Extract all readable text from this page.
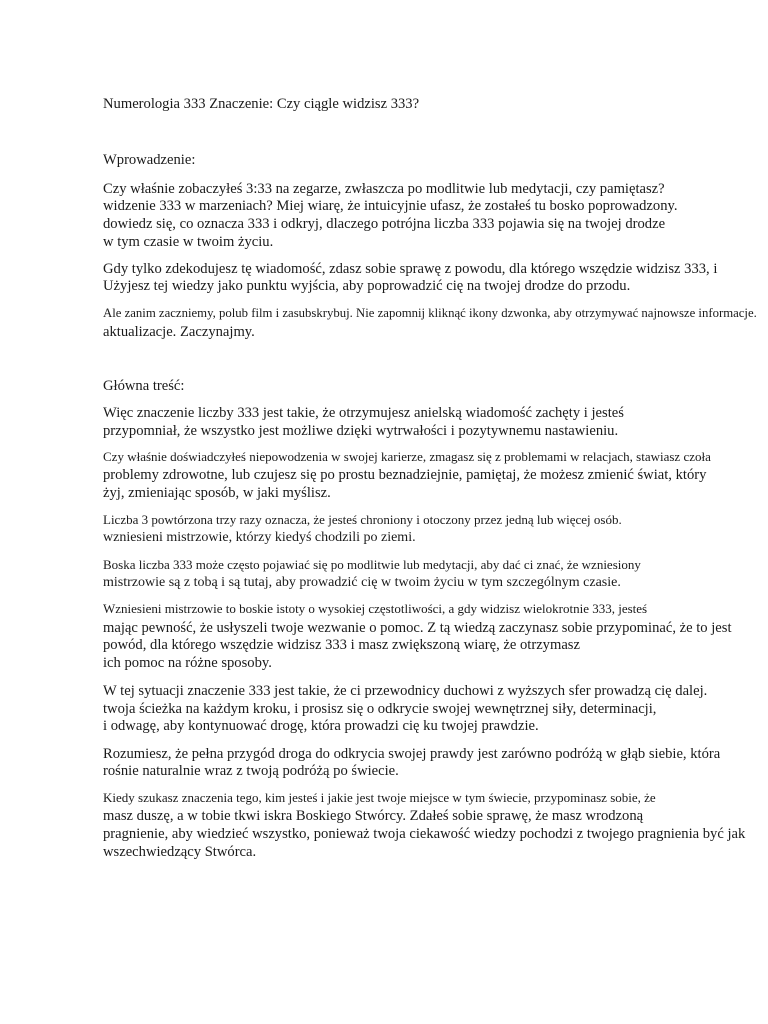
Numerologia 333 Znaczenie: Czy ciągle widzisz 333?
Wprowadzenie:
Czy właśnie zobaczyłeś 3:33 na zegarze, zwłaszcza po modlitwie lub medytacji, czy pamiętasz?
widzenie 333 w marzeniach? Miej wiarę, że intuicyjnie ufasz, że zostałeś tu bosko poprowadzony.
dowiedz się, co oznacza 333 i odkryj, dlaczego potrójna liczba 333 pojawia się na twojej drodze
w tym czasie w twoim życiu.
Gdy tylko zdekodujesz tę wiadomość, zdasz sobie sprawę z powodu, dla którego wszędzie widzisz 333, i
Użyjesz tej wiedzy jako punktu wyjścia, aby poprowadzić cię na twojej drodze do przodu.
Ale zanim zaczniemy, polub film i zasubskrybuj. Nie zapomnij kliknąć ikony dzwonka, aby otrzymywać najnowsze informacje.
aktualizacje. Zaczynajmy.
Główna treść:
Więc znaczenie liczby 333 jest takie, że otrzymujesz anielską wiadomość zachęty i jesteś
przypomniał, że wszystko jest możliwe dzięki wytrwałości i pozytywnemu nastawieniu.
Czy właśnie doświadczyłeś niepowodzenia w swojej karierze, zmagasz się z problemami w relacjach, stawiasz czoła
problemy zdrowotne, lub czujesz się po prostu beznadziejnie, pamiętaj, że możesz zmienić świat, który
żyj, zmieniając sposób, w jaki myślisz.
Liczba 3 powtórzona trzy razy oznacza, że jesteś chroniony i otoczony przez jedną lub więcej osób.
wzniesieni mistrzowie, którzy kiedyś chodzili po ziemi.
Boska liczba 333 może często pojawiać się po modlitwie lub medytacji, aby dać ci znać, że wzniesiony
mistrzowie są z tobą i są tutaj, aby prowadzić cię w twoim życiu w tym szczególnym czasie.
Wzniesieni mistrzowie to boskie istoty o wysokiej częstotliwości, a gdy widzisz wielokrotnie 333, jesteś
mając pewność, że usłyszeli twoje wezwanie o pomoc. Z tą wiedzą zaczynasz sobie przypominać, że to jest
powód, dla którego wszędzie widzisz 333 i masz zwiększoną wiarę, że otrzymasz
ich pomoc na różne sposoby.
W tej sytuacji znaczenie 333 jest takie, że ci przewodnicy duchowi z wyższych sfer prowadzą cię dalej.
twoja ścieżka na każdym kroku, i prosisz się o odkrycie swojej wewnętrznej siły, determinacji,
i odwagę, aby kontynuować drogę, która prowadzi cię ku twojej prawdzie.
Rozumiesz, że pełna przygód droga do odkrycia swojej prawdy jest zarówno podróżą w głąb siebie, która
rośnie naturalnie wraz z twoją podróżą po świecie.
Kiedy szukasz znaczenia tego, kim jesteś i jakie jest twoje miejsce w tym świecie, przypominasz sobie, że
masz duszę, a w tobie tkwi iskra Boskiego Stwórcy. Zdałeś sobie sprawę, że masz wrodzoną
pragnienie, aby wiedzieć wszystko, ponieważ twoja ciekawość wiedzy pochodzi z twojego pragnienia być jak
wszechwiedzący Stwórca.
